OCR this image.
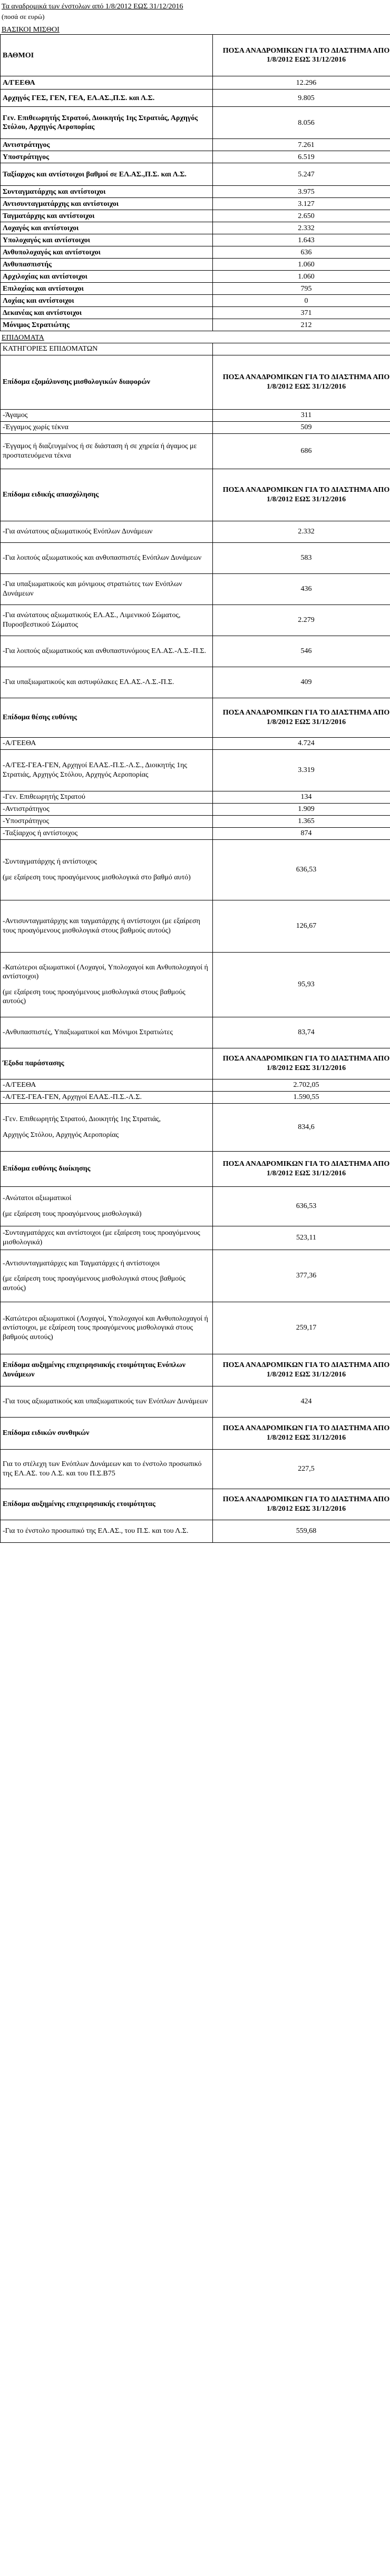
Τα αναδρομικά των ένστολων από 1/8/2012 ΕΩΣ 31/12/2016

(ποσά σε ευρώ)

ΒΑΣΙΚΟΙ ΜΙΣΘΟΙ
ΒΑΘΜΟΙ	ΠΟΣΑ ΑΝΑΔΡΟΜΙΚΩΝ ΓΙΑ ΤΟ ΔΙΑΣΤΗΜΑ ΑΠΟ 1/8/2012 ΕΩΣ 31/12/2016
Α/ΓΕΕΘΑ	12.296
Αρχηγός ΓΕΣ, ΓΕΝ, ΓΕΑ, ΕΛ.ΑΣ.,Π.Σ. και Λ.Σ.	9.805
Γεν. Επιθεωρητής Στρατού, Διοικητής 1ης Στρατιάς, Αρχηγός Στόλου, Αρχηγός Αεροπορίας	8.056
Αντιστράτηγος	7.261
Υποστράτηγος	6.519
Ταξίαρχος και αντίστοιχοι βαθμοί σε ΕΛ.ΑΣ.,Π.Σ. και Λ.Σ.	5.247
Συνταγματάρχης και αντίστοιχοι	3.975
Αντισυνταγματάρχης και αντίστοιχοι	3.127
Ταγματάρχης και αντίστοιχοι	2.650
Λοχαγός και αντίστοιχοι	2.332
Υπολοχαγός και αντίστοιχοι	1.643
Ανθυπολοχαγός και αντίστοιχοι	636
Ανθυπασπιστής	1.060
Αρχιλοχίας και αντίστοιχοι	1.060
Επιλοχίας και αντίστοιχοι	795
Λοχίας και αντίστοιχοι	0
Δεκανέας και αντίστοιχοι	371
Μόνιμος Στρατιώτης	212
ΕΠΙΔΟΜΑΤΑ
ΚΑΤΗΓΟΡΙΕΣ ΕΠΙΔΟΜΑΤΩΝ	
Επίδομα εξομάλυνσης μισθολογικών διαφορών	ΠΟΣΑ ΑΝΑΔΡΟΜΙΚΩΝ ΓΙΑ ΤΟ ΔΙΑΣΤΗΜΑ ΑΠΟ 1/8/2012 ΕΩΣ 31/12/2016
-Άγαμος	311
-Έγγαμος χωρίς τέκνα	509
-Έγγαμος ή διαζευγμένος ή σε διάσταση ή σε χηρεία ή άγαμος με προστατευόμενα τέκνα	686
Επίδομα ειδικής απασχόλησης	ΠΟΣΑ ΑΝΑΔΡΟΜΙΚΩΝ ΓΙΑ ΤΟ ΔΙΑΣΤΗΜΑ ΑΠΟ 1/8/2012 ΕΩΣ 31/12/2016
-Για ανώτατους αξιωματικούς Ενόπλων Δυνάμεων	2.332
-Για λοιπούς αξιωματικούς και ανθυπασπιστές Ενόπλων Δυνάμεων	583
-Για υπαξιωματικούς και μόνιμους στρατιώτες των Ενόπλων Δυνάμεων	436
-Για ανώτατους αξιωματικούς ΕΛ.ΑΣ., Λιμενικού Σώματος, Πυροσβεστικού Σώματος	2.279
-Για λοιπούς αξιωματικούς και ανθυπαστυνόμους ΕΛ.ΑΣ.-Λ.Σ.-Π.Σ.	546
-Για υπαξιωματικούς και αστυφύλακες ΕΛ.ΑΣ.-Λ.Σ.-Π.Σ.	409
Επίδομα θέσης ευθύνης	ΠΟΣΑ ΑΝΑΔΡΟΜΙΚΩΝ ΓΙΑ ΤΟ ΔΙΑΣΤΗΜΑ ΑΠΟ 1/8/2012 ΕΩΣ 31/12/2016
-Α/ΓΕΕΘΑ	4.724
-Α/ΓΕΣ-ΓΕΑ-ΓΕΝ, Αρχηγοί ΕΛΑΣ.-Π.Σ.-Λ.Σ., Διοικητής 1ης Στρατιάς, Αρχηγός Στόλου, Αρχηγός Αεροπορίας	3.319
-Γεν. Επιθεωρητής Στρατού	134
-Αντιστράτηγος	1.909
-Υποστράτηγος	1.365
-Ταξίαρχος ή αντίστοιχος	874
-Συνταγματάρχης ή αντίστοιχος
(με εξαίρεση τους προαγόμενους μισθολογικά στο βαθμό αυτό)	636,53
-Αντισυνταγματάρχης και ταγματάρχης ή αντίστοιχοι (με εξαίρεση τους προαγόμενους μισθολογικά στους βαθμούς αυτούς)	126,67
-Κατώτεροι αξιωματικοί (Λοχαγοί, Υπολοχαγοί και Ανθυπολοχαγοί ή αντίστοιχοι)
(με εξαίρεση τους προαγόμενους μισθολογικά στους βαθμούς αυτούς)	95,93
-Ανθυπασπιστές, Υπαξιωματικοί και Μόνιμοι Στρατιώτες	83,74
Έξοδα παράστασης	ΠΟΣΑ ΑΝΑΔΡΟΜΙΚΩΝ ΓΙΑ ΤΟ ΔΙΑΣΤΗΜΑ ΑΠΟ 1/8/2012 ΕΩΣ 31/12/2016
-Α/ΓΕΕΘΑ	2.702,05
-Α/ΓΕΣ-ΓΕΑ-ΓΕΝ, Αρχηγοί ΕΛΑΣ.-Π.Σ.-Λ.Σ.	1.590,55
-Γεν. Επιθεωρητής Στρατού, Διοικητής 1ης Στρατιάς,
Αρχηγός Στόλου, Αρχηγός Αεροπορίας	834,6
Επίδομα ευθύνης διοίκησης	ΠΟΣΑ ΑΝΑΔΡΟΜΙΚΩΝ ΓΙΑ ΤΟ ΔΙΑΣΤΗΜΑ ΑΠΟ 1/8/2012 ΕΩΣ 31/12/2016
-Ανώτατοι αξιωματικοί
(με εξαίρεση τους προαγόμενους μισθολογικά)	636,53
-Συνταγματάρχες και αντίστοιχοι (με εξαίρεση τους προαγόμενους μισθολογικά)	523,11
-Αντισυνταγματάρχες και Ταγματάρχες ή αντίστοιχοι
(με εξαίρεση τους προαγόμενους μισθολογικά στους βαθμούς αυτούς)	377,36
-Κατώτεροι αξιωματικοί (Λοχαγοί, Υπολοχαγοί και Ανθυπολοχαγοί ή αντίστοιχοι, με εξαίρεση τους προαγόμενους μισθολογικά στους βαθμούς αυτούς)	259,17
Επίδομα αυξημένης επιχειρησιακής ετοιμότητας Ενόπλων Δυνάμεων	ΠΟΣΑ ΑΝΑΔΡΟΜΙΚΩΝ ΓΙΑ ΤΟ ΔΙΑΣΤΗΜΑ ΑΠΟ 1/8/2012 ΕΩΣ 31/12/2016
-Για τους αξιωματικούς και υπαξιωματικούς των Ενόπλων Δυνάμεων	424
Επίδομα ειδικών συνθηκών	ΠΟΣΑ ΑΝΑΔΡΟΜΙΚΩΝ ΓΙΑ ΤΟ ΔΙΑΣΤΗΜΑ ΑΠΟ 1/8/2012 ΕΩΣ 31/12/2016
Για το στέλεχη των Ενόπλων Δυνάμεων και το ένστολο προσωπικό της ΕΛ.ΑΣ. του Λ.Σ. και του Π.Σ.Β75	227,5
Επίδομα αυξημένης επιχειρησιακής ετοιμότητας	ΠΟΣΑ ΑΝΑΔΡΟΜΙΚΩΝ ΓΙΑ ΤΟ ΔΙΑΣΤΗΜΑ ΑΠΟ 1/8/2012 ΕΩΣ 31/12/2016
-Για το ένστολο προσωπικό της ΕΛ.ΑΣ., του Π.Σ. και του Λ.Σ.	559,68
